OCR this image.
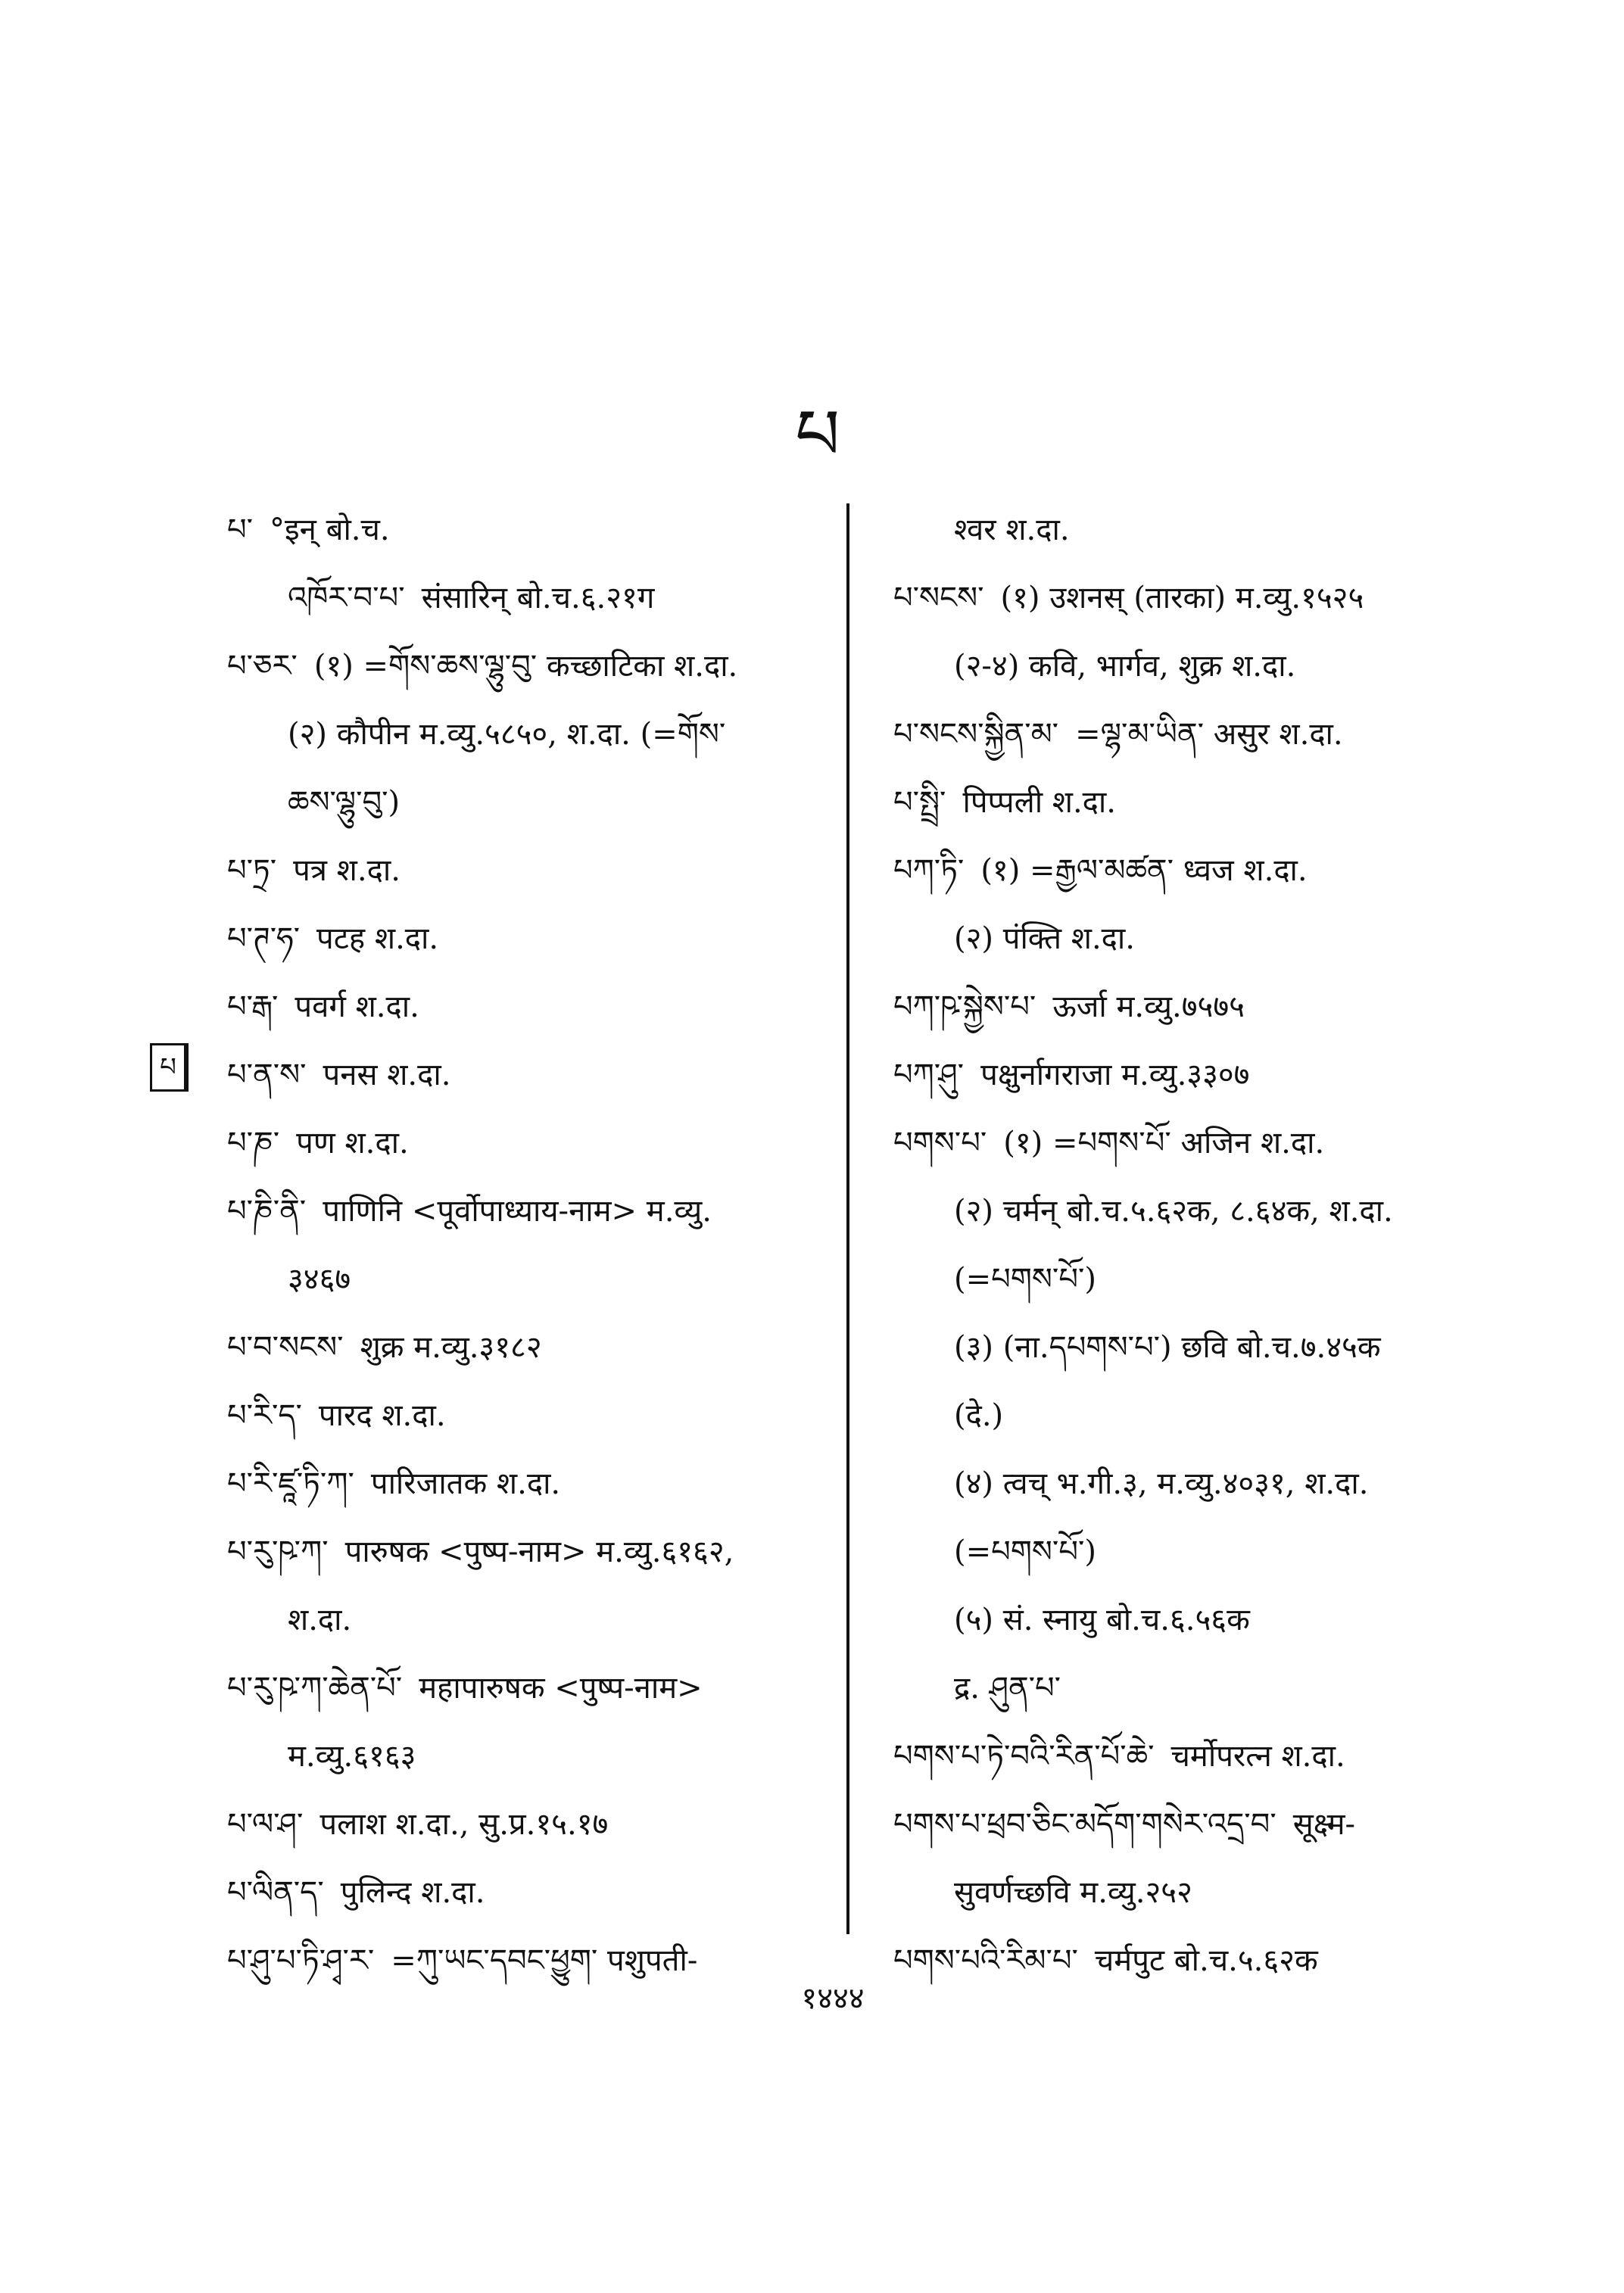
པ
པ
པ་ °इन् बो.च.
འཁོར་བ་པ་ संसारिन् बो.च.६.२१ग
པ་ཅར་ (१) =གོས་ཆས་ལྷུ་བུ་ कच्छाटिका श.दा.
(२) कौपीन म.व्यु.५८५०, श.दा. (=གོས་
ཆས་ལྷུ་བུ་)
པ་ཏྲ་ पत्र श.दा.
པ་ཊ་ཧ་ पटह श.दा.
པ་རྒ་ पवर्ग श.दा.
པ་ན་ས་ पनस श.दा.
པ་ཎ་ पण श.दा.
པ་ཎི་ནི་ पाणिनि <पूर्वोपाध्याय-नाम> म.व्यु.
३४६७
པ་བ་སངས་ शुक्र म.व्यु.३१८२
པ་རི་ད་ पारद श.दा.
པ་རི་ཛཱ་ཏི་ཀ་ पारिजातक श.दा.
པ་རུ་ཥ་ཀ་ पारुषक <पुष्प-नाम> म.व्यु.६१६२,
श.दा.
པ་རུ་ཥ་ཀ་ཆེན་པོ་ महापारुषक <पुष्प-नाम>
म.व्यु.६१६३
པ་ལ་ཤ་ पलाश श.दा., सु.प्र.१५.१७
པ་ལིན་ད་ पुलिन्द श.दा.
པ་ཤུ་པ་ཏི་ཤྭ་ར་ =ཀུ་ཡང་དབང་ཕྱུག་ पशुपती-
श्वर श.दा.
པ་སངས་ (१) उशनस् (तारका) म.व्यु.१५२५
(२-४) कवि, भार्गव, शुक्र श.दा.
པ་སངས་སྐྱིན་མ་ =ལྷ་མ་ཡིན་ असुर श.दा.
པ་སྤྲི་ पिप्पली श.दा.
པཀ་ཏི་ (१) =རྒྱལ་མཚན་ ध्वज श.दा.
(२) पंक्ति श.दा.
པཀ་ཥ་སྐྱེས་པ་ ऊर्जा म.व्यु.७५७५
པཀ་ཤུ་ पक्षुर्नागराजा म.व्यु.३३०७
པགས་པ་ (१) =པགས་པོ་ अजिन श.दा.
(२) चर्मन् बो.च.५.६२क, ८.६४क, श.दा.
(=པགས་པོ་)
(३) (ना.དཔགས་པ་) छवि बो.च.७.४५क
(दे.)
(४) त्वच् भ.गी.३, म.व्यु.४०३१, श.दा.
(=པགས་པོ་)
(५) सं. स्नायु बो.च.६.५६क
द्र. ཤུན་པ་
པགས་པ་ཏེ་བའི་རིན་པོ་ཆེ་ चर्मोपरत्न श.दा.
པགས་པ་ཕྲབ་ཅིང་མདོག་གསེར་འདྲ་བ་ सूक्ष्म-
सुवर्णच्छवि म.व्यु.२५२
པགས་པའི་རིམ་པ་ चर्मपुट बो.च.५.६२क
१४४४
